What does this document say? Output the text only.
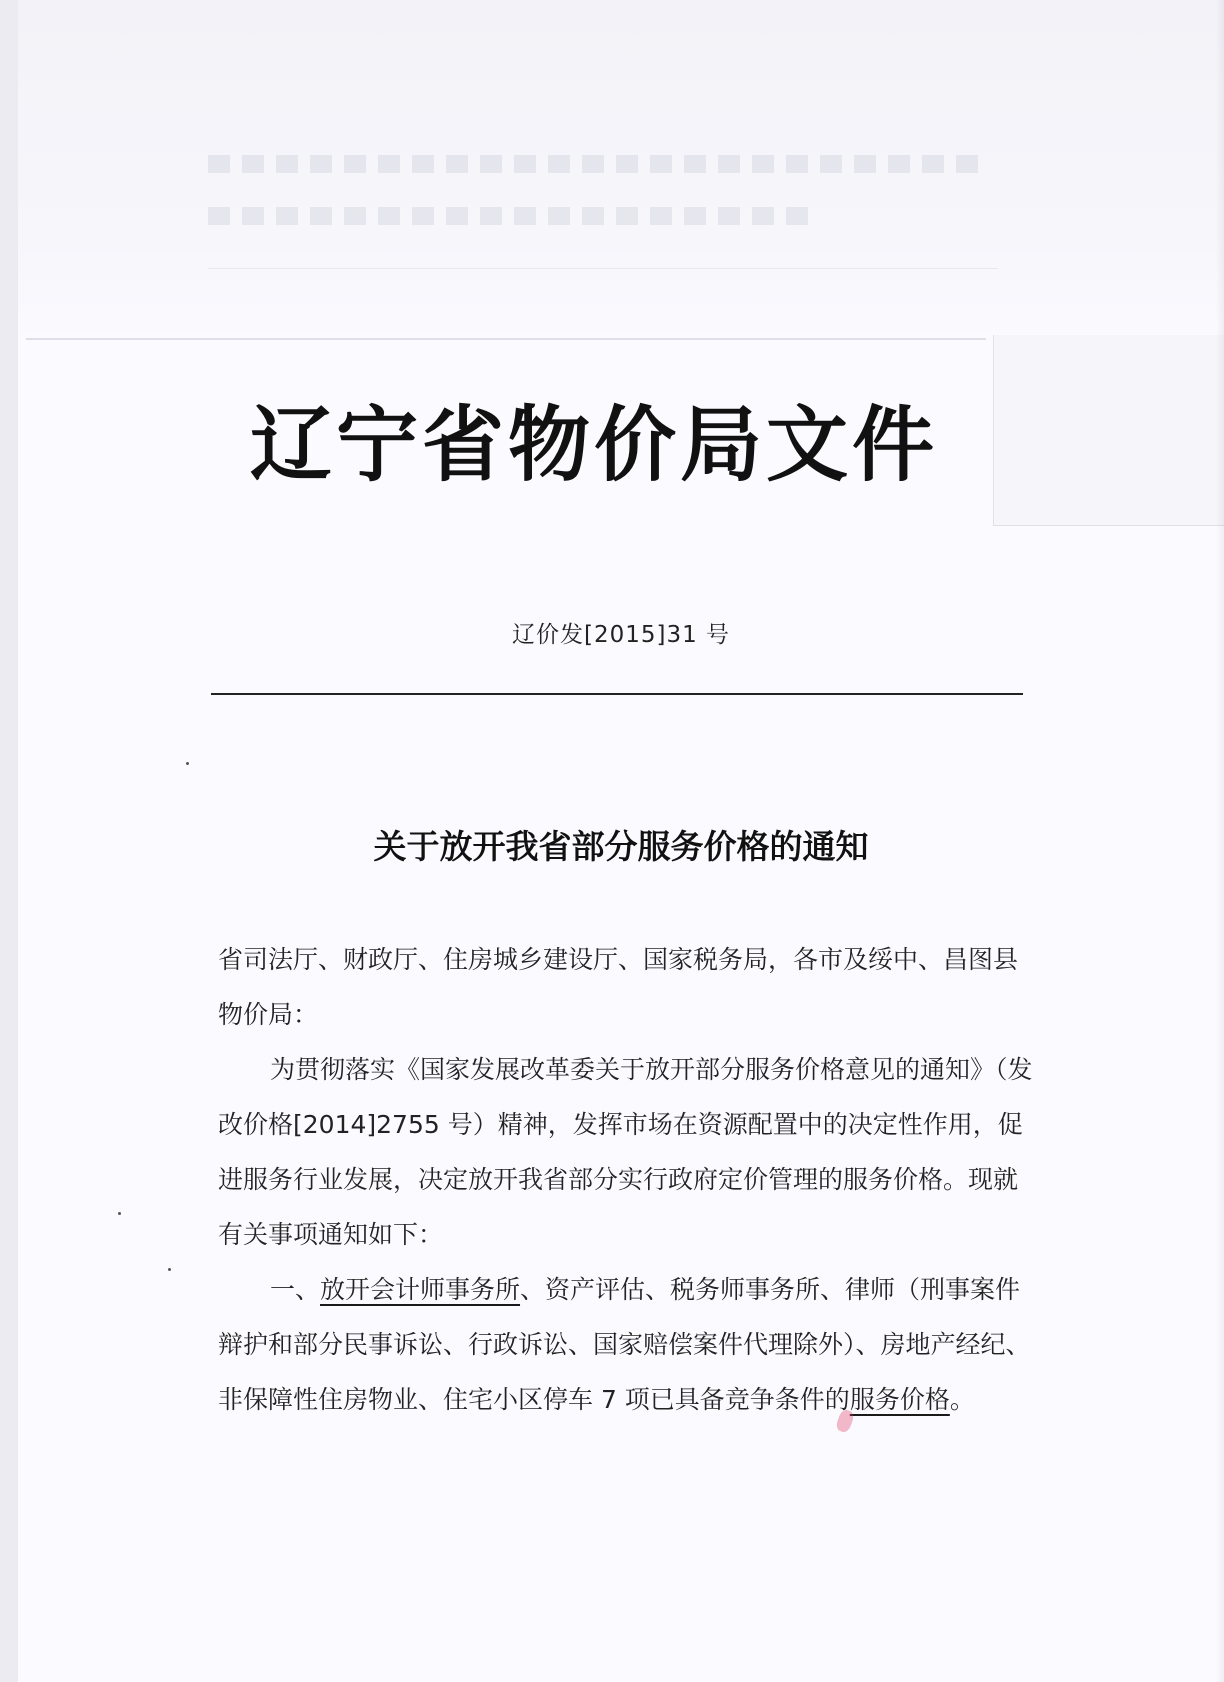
辽宁省物价局文件
辽价发[2015]31 号
关于放开我省部分服务价格的通知

省司法厅、财政厅、住房城乡建设厅、国家税务局，各市及绥中、昌图县物价局：

为贯彻落实《国家发展改革委关于放开部分服务价格意见的通知》（发改价格[2014]2755 号）精神，发挥市场在资源配置中的决定性作用，促进服务行业发展，决定放开我省部分实行政府定价管理的服务价格。现就有关事项通知如下：

一、放开会计师事务所、资产评估、税务师事务所、律师（刑事案件辩护和部分民事诉讼、行政诉讼、国家赔偿案件代理除外）、房地产经纪、非保障性住房物业、住宅小区停车 7 项已具备竞争条件的服务价格。
